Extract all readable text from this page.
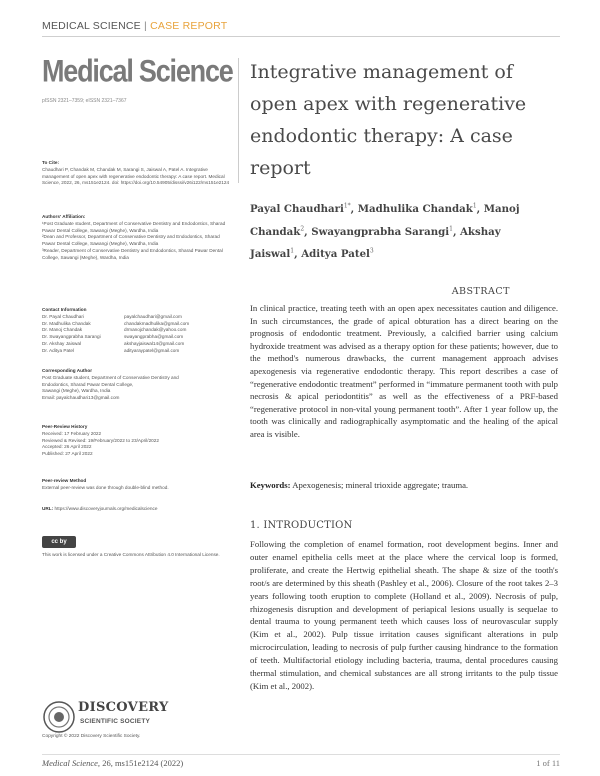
MEDICAL SCIENCE | CASE REPORT
Medical Science
pISSN 2321–7359; eISSN 2321–7367
Integrative management of open apex with regenerative endodontic therapy: A case report
Payal Chaudhari$^{1*}$, Madhulika Chandak$^1$, Manoj Chandak$^2$, Swayangprabha Sarangi$^1$, Akshay Jaiswal$^1$, Aditya Patel$^3$

To Cite:

Chaudhari P, Chandak M, Chandak M, Sarangi S, Jaiswal A, Patel A. Integrative management of open apex with regenerative endodontic therapy: A case report. Medical Science, 2022, 26, ms151e2124. doi: https://doi.org/10.54905/disssi/v26i122/ms151e2124

Authors' Affiliation:

¹Post Graduate student, Department of Conservative Dentistry and Endodontics, Sharad Pawar Dental College, Sawangi (Meghe), Wardha, India

²Dean and Professor, Department of Conservative Dentistry and Endodontics, Sharad Pawar Dental College, Sawangi (Meghe), Wardha, India

³Reader, Department of Conservative Dentistry and Endodontics, Sharad Pawar Dental College, Sawangi (Meghe), Wardha, India

Contact Information

Dr. Payal Chaudhari	payalchaudhari@gmail.com
Dr. Madhulika Chandak	chandakmadhulika@gmail.com
Dr. Manoj Chandak	drmanojchandak@yahoo.com
Dr. Swayangprabha Sarangi	swayangprabha@gmail.com
Dr. Akshay Jaiswal	akshayjaiswal14@gmail.com
Dr. Aditya Patel	adityaraypatel@gmail.com

Corresponding Author

Post Graduate student, Department of Conservative Dentistry and

Endodontics, Sharad Pawar Dental College,

Sawangi (Meghe), Wardha, India

Email: payalchaudhari13@gmail.com

Peer-Review History

Received: 17 February 2022

Reviewed & Revised: 19/February/2022 to 23/April/2022

Accepted: 26 April 2022

Published: 27 April 2022

Peer-review Method

External peer-review was done through double-blind method.

URL: https://www.discoveryjournals.org/medicalscience

cc by

This work is licensed under a Creative Commons Attribution 4.0 International License.

DISCOVERY
SCIENTIFIC SOCIETY
Copyright © 2022 Discovery Scientific Society.
ABSTRACT

In clinical practice, treating teeth with an open apex necessitates caution and diligence. In such circumstances, the grade of apical obturation has a direct bearing on the prognosis of endodontic treatment. Previously, a calcified barrier using calcium hydroxide treatment was advised as a therapy option for these patients; however, due to the method's numerous drawbacks, the current management approach advises apexogenesis via regenerative endodontic therapy. This report describes a case of “regenerative endodontic treatment” performed in “immature permanent tooth with pulp necrosis & apical periodontitis” as well as the effectiveness of a PRF-based “regenerative protocol in non-vital young permanent tooth”. After 1 year follow up, the tooth was clinically and radiographically asymptomatic and the healing of the apical area is visible.

Keywords: Apexogenesis; mineral trioxide aggregate; trauma.

1. INTRODUCTION

Following the completion of enamel formation, root development begins. Inner and outer enamel epithelia cells meet at the place where the cervical loop is formed, proliferate, and create the Hertwig epithelial sheath. The shape & size of the tooth's root/s are determined by this sheath (Pashley et al., 2006). Closure of the root takes 2–3 years following tooth eruption to complete (Holland et al., 2009). Necrosis of pulp, rhizogenesis disruption and development of periapical lesions usually is sequelae to dental trauma to young permanent teeth which causes loss of neurovascular supply (Kim et al., 2002). Pulp tissue irritation causes significant alterations in pulp microcirculation, leading to necrosis of pulp further causing hindrance to the formation of teeth. Multifactorial etiology including bacteria, trauma, dental procedures causing thermal stimulation, and chemical substances are all strong irritants to the pulp tissue (Kim et al., 2002).

Medical Science, 26, ms151e2124 (2022)	1 of 11
